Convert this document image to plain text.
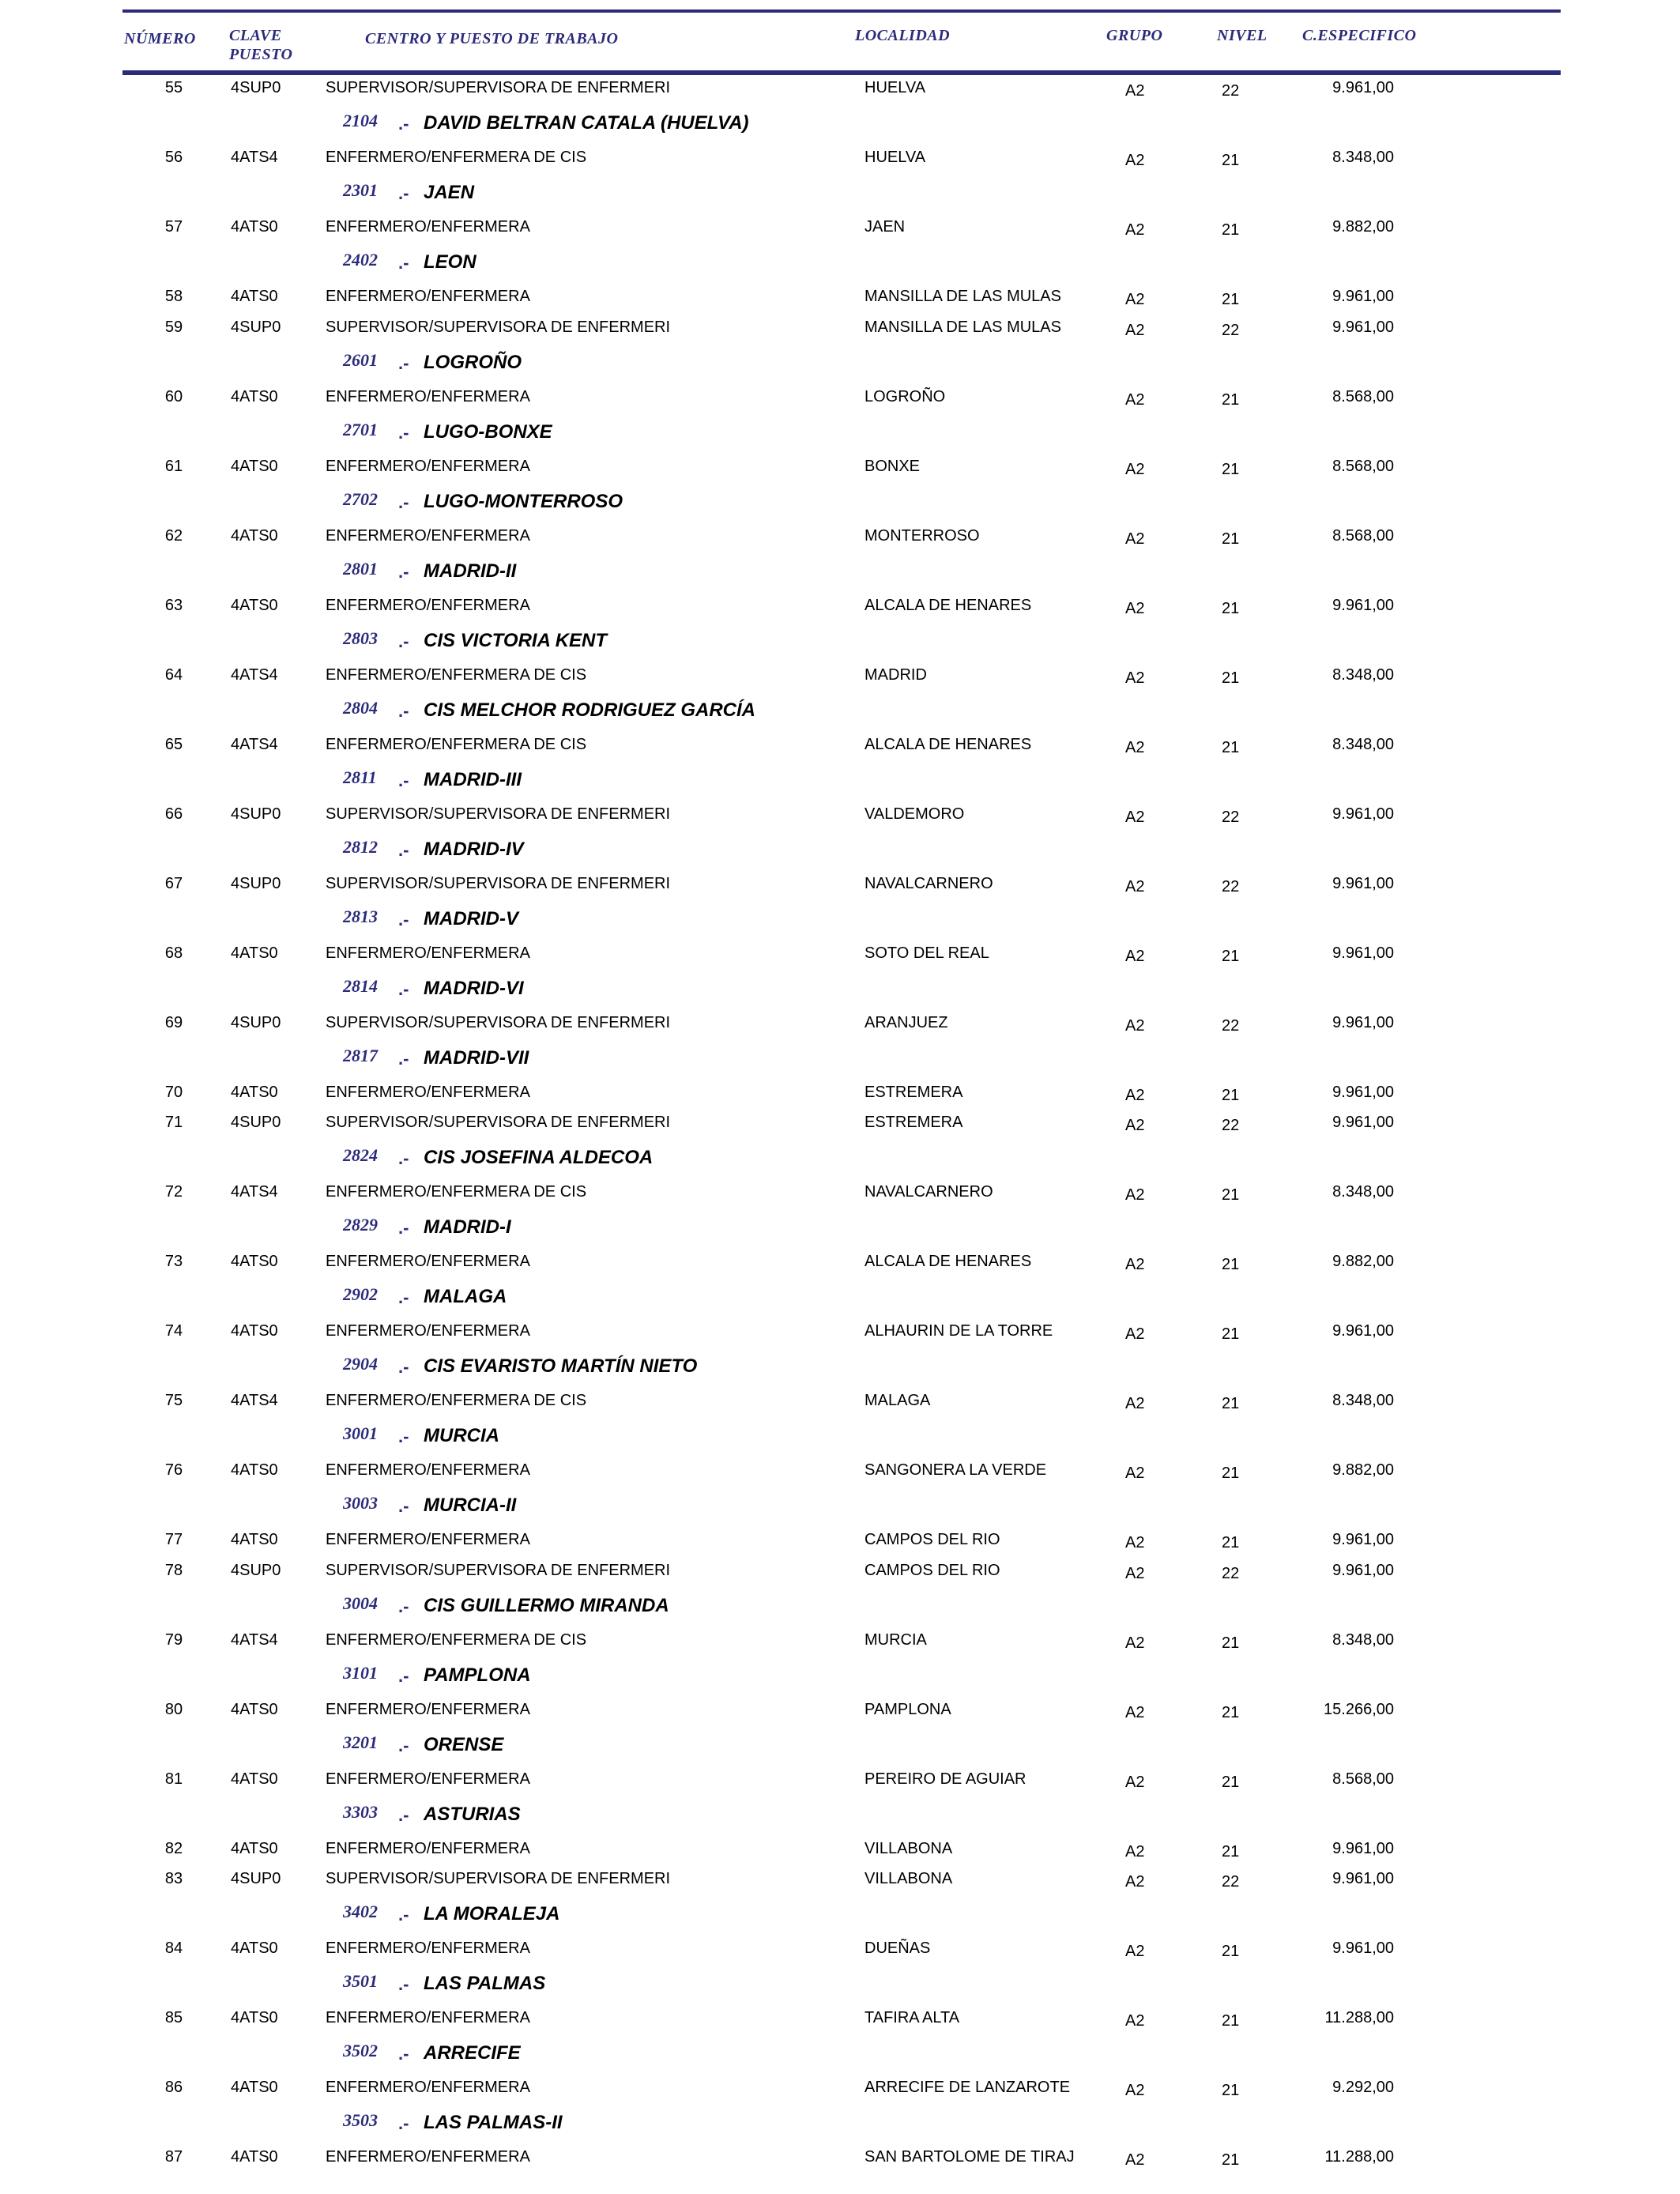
NÚMERO CLAVE
PUESTO
CENTRO Y PUESTO DE TRABAJO	LOCALIDAD	GRUPO	NIVEL C.ESPECIFICO
55	4SUP0	SUPERVISOR/SUPERVISORA DE ENFERMERI	HUELVA	A2	22	9.961,00
2104 .- DAVID BELTRAN CATALA (HUELVA)
56	4ATS4	ENFERMERO/ENFERMERA DE CIS	HUELVA	A2	21	8.348,00
2301 .- JAEN
57	4ATS0	ENFERMERO/ENFERMERA	JAEN	A2	21	9.882,00
2402 .- LEON
58	4ATS0	ENFERMERO/ENFERMERA	MANSILLA DE LAS MULAS	A2	21	9.961,00
59	4SUP0	SUPERVISOR/SUPERVISORA DE ENFERMERI	MANSILLA DE LAS MULAS	A2	22	9.961,00
2601 .- LOGROÑO
60	4ATS0	ENFERMERO/ENFERMERA	LOGROÑO	A2	21	8.568,00
2701 .- LUGO-BONXE
61	4ATS0	ENFERMERO/ENFERMERA	BONXE	A2	21	8.568,00
2702 .- LUGO-MONTERROSO
62	4ATS0	ENFERMERO/ENFERMERA	MONTERROSO	A2	21	8.568,00
2801 .- MADRID-II
63	4ATS0	ENFERMERO/ENFERMERA	ALCALA DE HENARES	A2	21	9.961,00
2803 .- CIS VICTORIA KENT
64	4ATS4	ENFERMERO/ENFERMERA DE CIS	MADRID	A2	21	8.348,00
2804 .- CIS MELCHOR RODRIGUEZ GARCÍA
65	4ATS4	ENFERMERO/ENFERMERA DE CIS	ALCALA DE HENARES	A2	21	8.348,00
2811 .- MADRID-III
66	4SUP0	SUPERVISOR/SUPERVISORA DE ENFERMERI	VALDEMORO	A2	22	9.961,00
2812 .- MADRID-IV
67	4SUP0	SUPERVISOR/SUPERVISORA DE ENFERMERI	NAVALCARNERO	A2	22	9.961,00
2813 .- MADRID-V
68	4ATS0	ENFERMERO/ENFERMERA	SOTO DEL REAL	A2	21	9.961,00
2814 .- MADRID-VI
69	4SUP0	SUPERVISOR/SUPERVISORA DE ENFERMERI	ARANJUEZ	A2	22	9.961,00
2817 .- MADRID-VII
70	4ATS0	ENFERMERO/ENFERMERA	ESTREMERA	A2	21	9.961,00
71	4SUP0	SUPERVISOR/SUPERVISORA DE ENFERMERI	ESTREMERA	A2	22	9.961,00
2824 .- CIS JOSEFINA ALDECOA
72	4ATS4	ENFERMERO/ENFERMERA DE CIS	NAVALCARNERO	A2	21	8.348,00
2829 .- MADRID-I
73	4ATS0	ENFERMERO/ENFERMERA	ALCALA DE HENARES	A2	21	9.882,00
2902 .- MALAGA
74	4ATS0	ENFERMERO/ENFERMERA	ALHAURIN DE LA TORRE	A2	21	9.961,00
2904 .- CIS EVARISTO MARTÍN NIETO
75	4ATS4	ENFERMERO/ENFERMERA DE CIS	MALAGA	A2	21	8.348,00
3001 .- MURCIA
76	4ATS0	ENFERMERO/ENFERMERA	SANGONERA LA VERDE	A2	21	9.882,00
3003 .- MURCIA-II
77	4ATS0	ENFERMERO/ENFERMERA	CAMPOS DEL RIO	A2	21	9.961,00
78	4SUP0	SUPERVISOR/SUPERVISORA DE ENFERMERI	CAMPOS DEL RIO	A2	22	9.961,00
3004 .- CIS GUILLERMO MIRANDA
79	4ATS4	ENFERMERO/ENFERMERA DE CIS	MURCIA	A2	21	8.348,00
3101 .- PAMPLONA
80	4ATS0	ENFERMERO/ENFERMERA	PAMPLONA	A2	21	15.266,00
3201 .- ORENSE
81	4ATS0	ENFERMERO/ENFERMERA	PEREIRO DE AGUIAR	A2	21	8.568,00
3303 .- ASTURIAS
82	4ATS0	ENFERMERO/ENFERMERA	VILLABONA	A2	21	9.961,00
83	4SUP0	SUPERVISOR/SUPERVISORA DE ENFERMERI	VILLABONA	A2	22	9.961,00
3402 .- LA MORALEJA
84	4ATS0	ENFERMERO/ENFERMERA	DUEÑAS	A2	21	9.961,00
3501 .- LAS PALMAS
85	4ATS0	ENFERMERO/ENFERMERA	TAFIRA ALTA	A2	21	11.288,00
3502 .- ARRECIFE
86	4ATS0	ENFERMERO/ENFERMERA	ARRECIFE DE LANZAROTE	A2	21	9.292,00
3503 .- LAS PALMAS-II
87	4ATS0	ENFERMERO/ENFERMERA	SAN BARTOLOME DE TIRAJ	A2	21	11.288,00
